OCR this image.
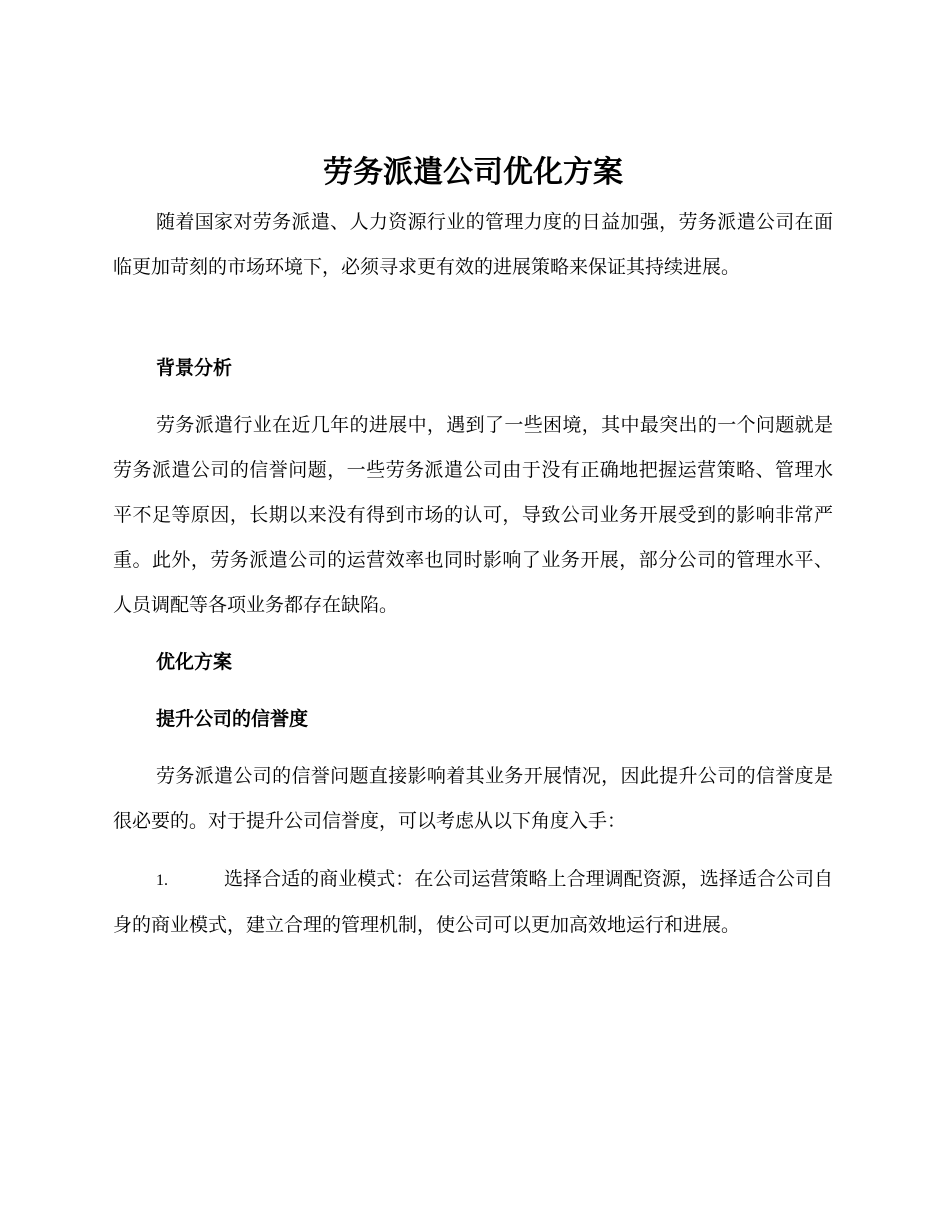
劳务派遣公司优化方案

随着国家对劳务派遣、人力资源行业的管理力度的日益加强，劳务派遣公司在面临更加苛刻的市场环境下，必须寻求更有效的进展策略来保证其持续进展。

背景分析

劳务派遣行业在近几年的进展中，遇到了一些困境，其中最突出的一个问题就是劳务派遣公司的信誉问题，一些劳务派遣公司由于没有正确地把握运营策略、管理水平不足等原因，长期以来没有得到市场的认可，导致公司业务开展受到的影响非常严重。此外，劳务派遣公司的运营效率也同时影响了业务开展，部分公司的管理水平、人员调配等各项业务都存在缺陷。

优化方案
提升公司的信誉度

劳务派遣公司的信誉问题直接影响着其业务开展情况，因此提升公司的信誉度是很必要的。对于提升公司信誉度，可以考虑从以下角度入手：

1.	选择合适的商业模式：在公司运营策略上合理调配资源，选择适合公司自身的商业模式，建立合理的管理机制，使公司可以更加高效地运行和进展。
